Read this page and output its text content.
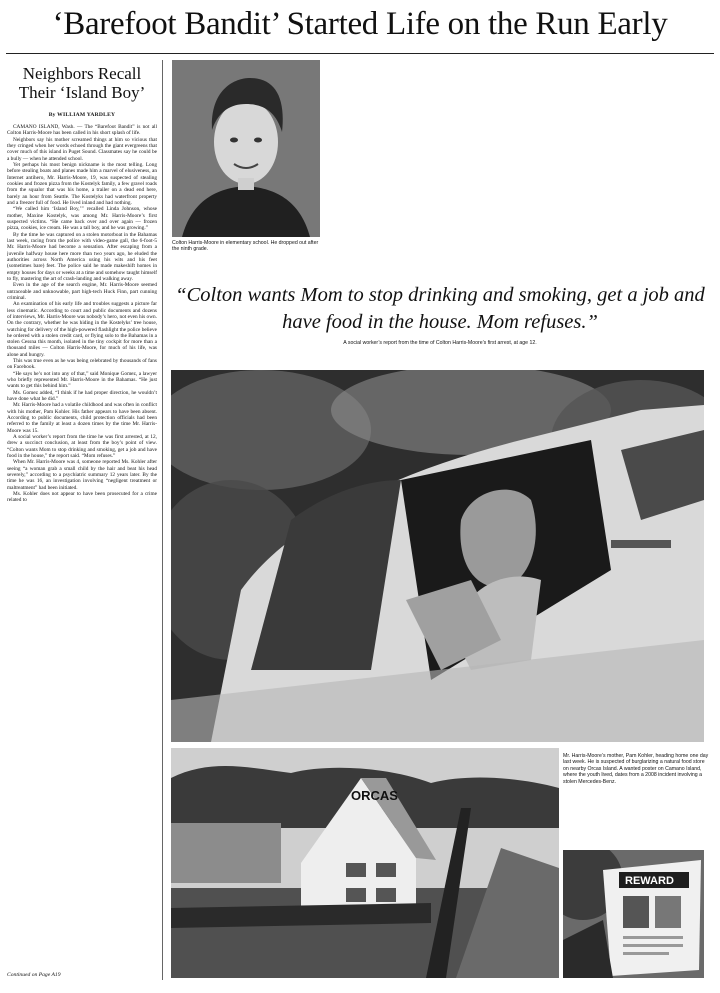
‘Barefoot Bandit’ Started Life on the Run Early
Neighbors Recall Their ‘Island Boy’
By WILLIAM YARDLEY

CAMANO ISLAND, Wash. — The “Barefoot Bandit” is not all Colton Harris-Moore has been called in his short splash of life.

Neighbors say his mother screamed things at him so vicious that they cringed when her words echoed through the giant evergreens that cover much of this island in Puget Sound. Classmates say he could be a bully — when he attended school.

Yet perhaps his most benign nickname is the most telling. Long before stealing boats and planes made him a marvel of elusiveness, an Internet antihero, Mr. Harris-Moore, 19, was suspected of stealing cookies and frozen pizza from the Kostelyk family, a few gravel roads from the squalor that was his home, a trailer on a dead end here, barely an hour from Seattle. The Kostelyks had waterfront property and a freezer full of food. He lived inland and had nothing.

“We called him ‘Island Boy,’” recalled Linda Johnson, whose mother, Maxine Kostelyk, was among Mr. Harris-Moore’s first suspected victims. “He came back over and over again — frozen pizza, cookies, ice cream. He was a tall boy, and he was growing.”

By the time he was captured on a stolen motorboat in the Bahamas last week, racing from the police with video-game gall, the 6-foot-5 Mr. Harris-Moore had become a sensation. After escaping from a juvenile halfway house here more than two years ago, he eluded the authorities across North America using his wits and his feet (sometimes bare) feet. The police said he made makeshift homes in empty houses for days or weeks at a time and somehow taught himself to fly, mastering the art of crash-landing and walking away.

Even in the age of the search engine, Mr. Harris-Moore seemed untraceable and unknowable, part high-tech Huck Finn, part cunning criminal.

An examination of his early life and troubles suggests a picture far less cinematic. According to court and public documents and dozens of interviews, Mr. Harris-Moore was nobody’s hero, not even his own. On the contrary, whether he was hiding in the Kostelyks’ tree house, watching for delivery of the high-powered flashlight the police believe he ordered with a stolen credit card, or flying solo to the Bahamas in a stolen Cessna this month, isolated in the tiny cockpit for more than a thousand miles — Colton Harris-Moore, for much of his life, was alone and hungry.

This was true even as he was being celebrated by thousands of fans on Facebook.

“He says he’s not into any of that,” said Monique Gomez, a lawyer who briefly represented Mr. Harris-Moore in the Bahamas. “He just wants to get this behind him.”

Ms. Gomez added, “I think if he had proper direction, he wouldn’t have done what he did.”

Mr. Harris-Moore had a volatile childhood and was often in conflict with his mother, Pam Kohler. His father appears to have been absent. According to public documents, child protection officials had been referred to the family at least a dozen times by the time Mr. Harris-Moore was 15.

A social worker’s report from the time he was first arrested, at 12, drew a succinct conclusion, at least from the boy’s point of view. “Colton wants Mom to stop drinking and smoking, get a job and have food in the house,” the report said. “Mom refuses.”

When Mr. Harris-Moore was 4, someone reported Ms. Kohler after seeing “a woman grab a small child by the hair and beat his head severely,” according to a psychiatric summary 12 years later. By the time he was 16, an investigation involving “negligent treatment or maltreatment” had been initiated.

Ms. Kohler does not appear to have been prosecuted for a crime related to

Continued on Page A19
Colton Harris-Moore in elementary school. He dropped out after the ninth grade.
“Colton wants Mom to stop drinking and smoking, get a job and have food in the house. Mom refuses.”
A social worker’s report from the time of Colton Harris-Moore’s first arrest, at age 12.
ORCAS
Mr. Harris-Moore’s mother, Pam Kohler, heading home one day last week. He is suspected of burglarizing a natural food store on nearby Orcas Island. A wanted poster on Camano Island, where the youth lived, dates from a 2008 incident involving a stolen Mercedes-Benz.
REWARD
